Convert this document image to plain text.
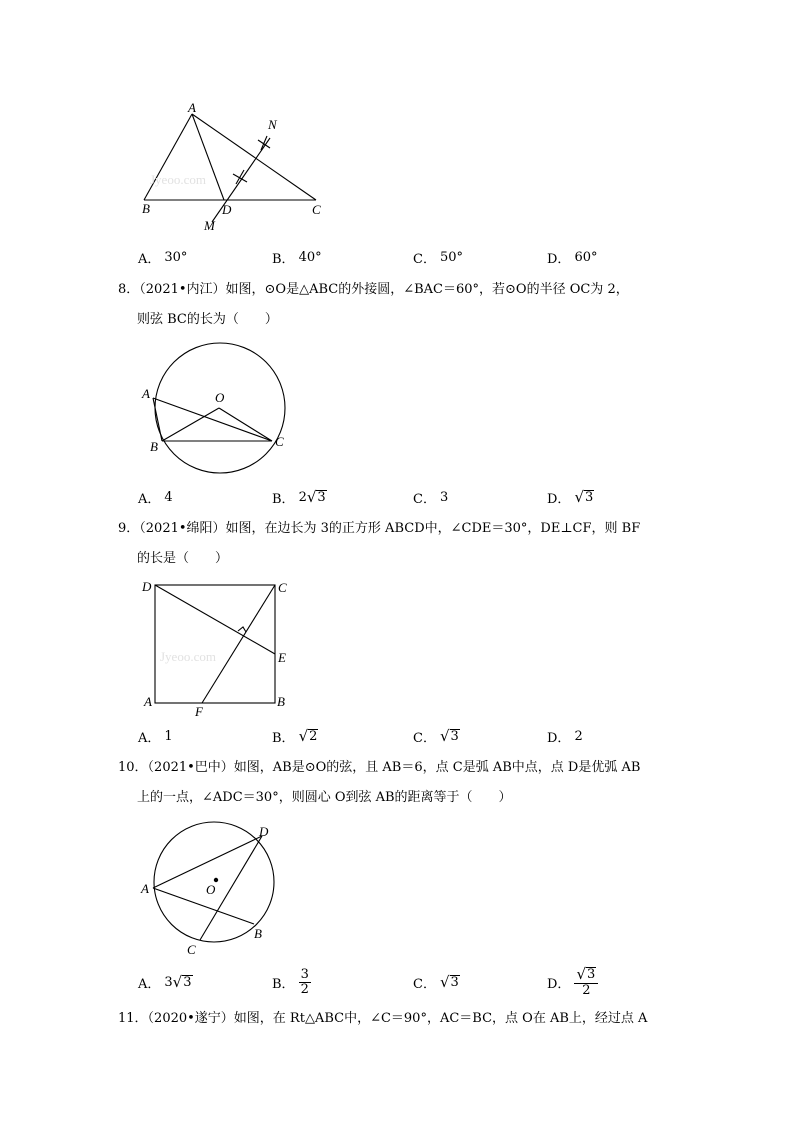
B
A
C
D
M
N
Jyeoo.com
A． 30°	B． 40°	C． 50°	D． 60°
8．（2021•内江）如图，⊙O是△ABC的外接圆，∠BAC＝60°，若⊙O的半径 OC为 2，
则弦 BC的长为（　　）
A
B	C
O
A． 4	B． 2 √ 3	C． 3	D． √ 3
9．（2021•绵阳）如图，在边长为 3的正方形 ABCD中，∠CDE＝30°，DE⊥CF，则 BF
的长是（　　）
D	C
E
A	B
F
Jyeoo.com
A． 1	B． √ 2	C． √ 3	D． 2
10．（2021•巴中）如图，AB是⊙O的弦，且 AB＝6，点 C是弧 AB中点，点 D是优弧 AB
上的一点，∠ADC＝30°，则圆心 O到弦 AB的距离等于（　　）
A
B
C
D
O
A． 3 √ 3	B． $\frac{3}{2}$	C． √ 3	D． $\frac{√ 3}{2}$
11．（2020•遂宁）如图，在 Rt△ABC中，∠C＝90°，AC＝BC，点 O在 AB上，经过点 A
